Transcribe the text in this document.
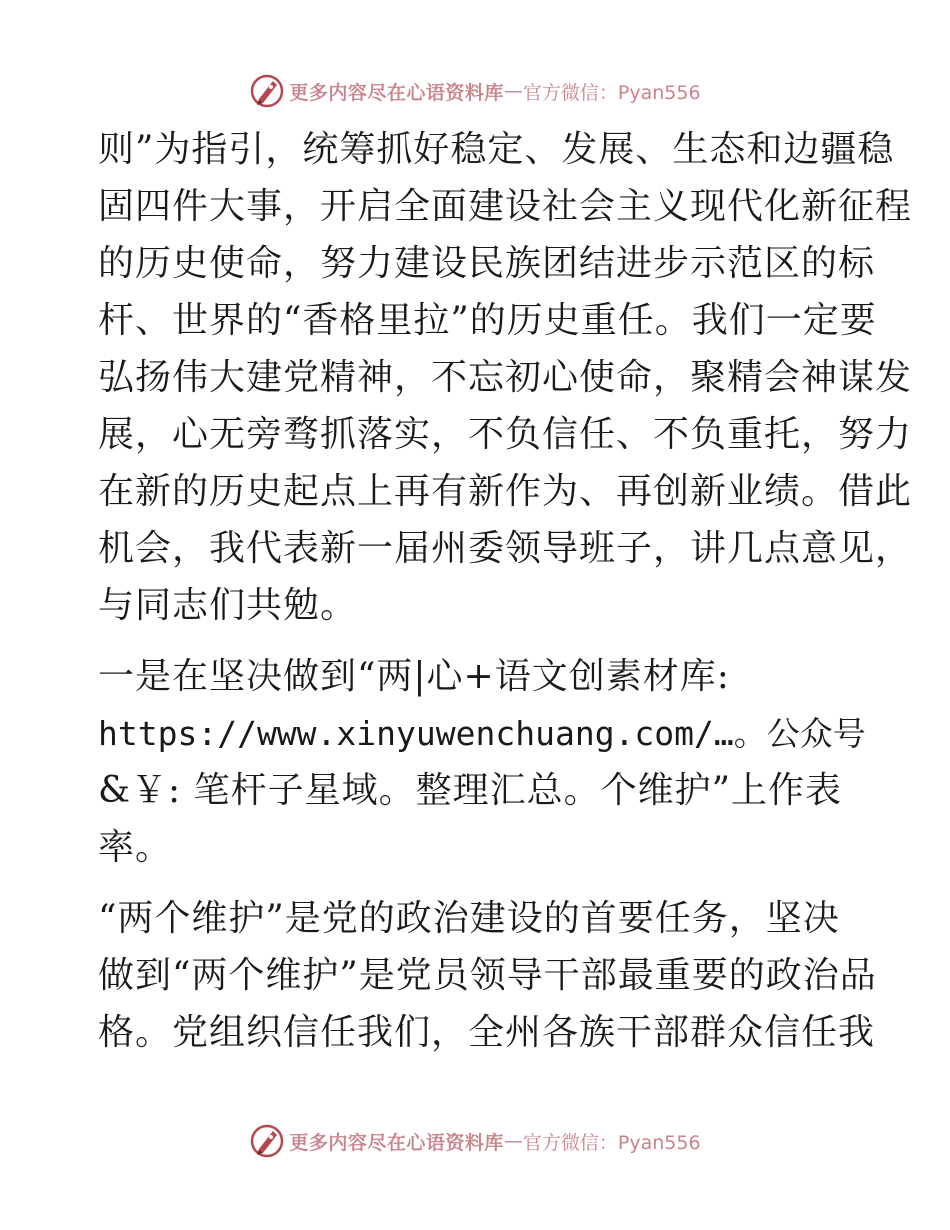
更多内容尽在心语资料库 — 官方微信：Pyan556
则”为指引，统筹抓好稳定、发展、生态和边疆稳
固四件大事，开启全面建设社会主义现代化新征程
的历史使命，努力建设民族团结进步示范区的标
杆、世界的“香格里拉”的历史重任。我们一定要
弘扬伟大建党精神，不忘初心使命，聚精会神谋发
展，心无旁骛抓落实，不负信任、不负重托，努力
在新的历史起点上再有新作为、再创新业绩。借此
机会，我代表新一届州委领导班子，讲几点意见，
与同志们共勉。
一是在坚决做到“两|心+语文创素材库:
https://www.xinyuwenchuang.com/…。公众号
&￥: 笔杆子星域。整理汇总。个维护”上作表
率。
“两个维护”是党的政治建设的首要任务，坚决
做到“两个维护”是党员领导干部最重要的政治品
格。党组织信任我们，全州各族干部群众信任我
更多内容尽在心语资料库 — 官方微信：Pyan556
